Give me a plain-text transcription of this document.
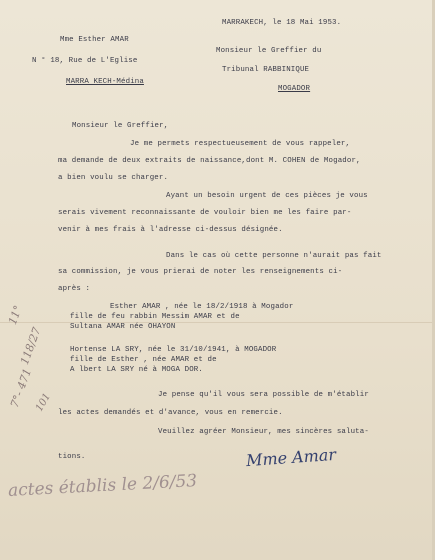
Mme Esther AMAR
N ° 18, Rue de L'Eglise
MARRA KECH-Médina
MARRAKECH, le 18 Mai 1953.
Monsieur le Greffier du
Tribunal RABBINIQUE
MOGADOR
Monsieur le Greffier,
Je me permets respectueusement de vous rappeler,
ma demande de deux extraits de naissance,dont M. COHEN de Mogador,
a bien voulu se charger.
Ayant un besoin urgent de ces pièces je vous
serais vivement reconnaissante de vouloir bien me les faire par-
venir à mes frais à l'adresse ci-dessus désignée.
Dans le cas où cette personne n'aurait pas fait
sa commission, je vous prierai de noter les renseignements ci-
après :
Esther AMAR , née le 18/2/1918 à Mogador
fille de feu rabbin Messim AMAR et de
Sultana AMAR née OHAYON
Hortense LA SRY, née le 31/10/1941, à MOGADOR
fille de Esther , née AMAR et de
A lbert LA SRY né à MOGA DOR.
Je pense qu'il vous sera possible de m'établir
les actes demandés et d'avance, vous en remercie.
Veuillez agréer Monsieur, mes sincères saluta-
tions.	Mme Amar
11°
118/27
7°- 471 101
actes établis le 2/6/53
